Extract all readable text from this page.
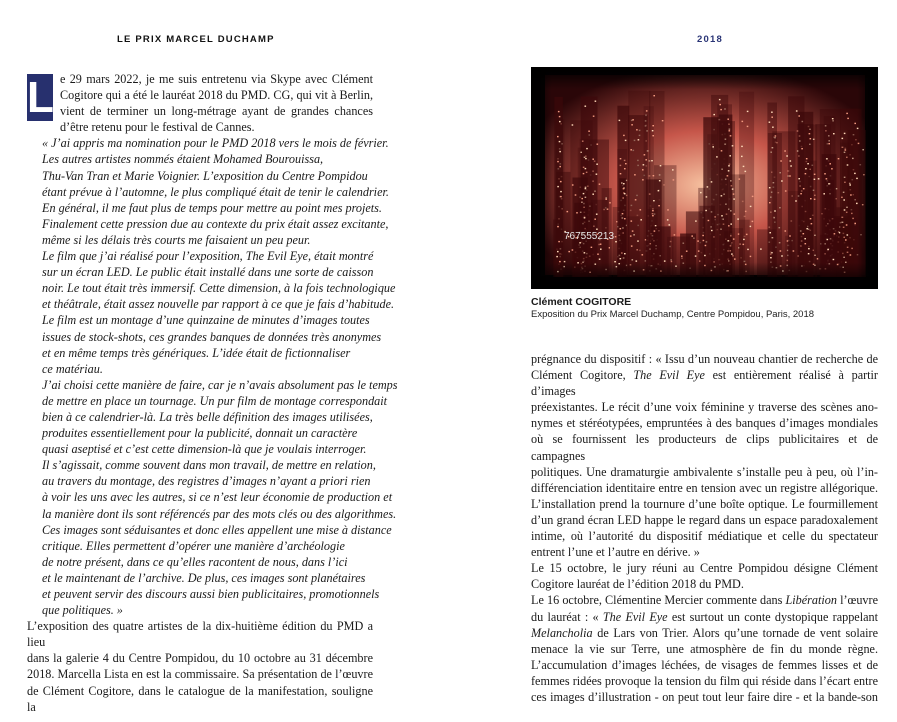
LE PRIX MARCEL DUCHAMP	2018
L e 29 mars 2022, je me suis entretenu via Skype avec Clément

Cogitore qui a été le lauréat 2018 du PMD. CG, qui vit à Berlin,

vient de terminer un long-métrage ayant de grandes chances

d’être retenu pour le festival de Cannes.

« J’ai appris ma nomination pour le PMD 2018 vers le mois de février.

Les autres artistes nommés étaient Mohamed Bourouissa,

Thu-Van Tran et Marie Voignier. L’exposition du Centre Pompidou

étant prévue à l’automne, le plus compliqué était de tenir le calendrier.

En général, il me faut plus de temps pour mettre au point mes projets.

Finalement cette pression due au contexte du prix était assez excitante,

même si les délais très courts me faisaient un peu peur.

Le film que j’ai réalisé pour l’exposition, The Evil Eye, était montré

sur un écran LED. Le public était installé dans une sorte de caisson

noir. Le tout était très immersif. Cette dimension, à la fois technologique

et théâtrale, était assez nouvelle par rapport à ce que je fais d’habitude.

Le film est un montage d’une quinzaine de minutes d’images toutes

issues de stock-shots, ces grandes banques de données très anonymes

et en même temps très génériques. L’idée était de fictionnaliser

ce matériau.

J’ai choisi cette manière de faire, car je n’avais absolument pas le temps

de mettre en place un tournage. Un pur film de montage correspondait

bien à ce calendrier-là. La très belle définition des images utilisées,

produites essentiellement pour la publicité, donnait un caractère

quasi aseptisé et c’est cette dimension-là que je voulais interroger.

Il s’agissait, comme souvent dans mon travail, de mettre en relation,

au travers du montage, des registres d’images n’ayant a priori rien

à voir les uns avec les autres, si ce n’est leur économie de production et

la manière dont ils sont référencés par des mots clés ou des algorithmes.

Ces images sont séduisantes et donc elles appellent une mise à distance

critique. Elles permettent d’opérer une manière d’archéologie

de notre présent, dans ce qu’elles racontent de nous, dans l’ici

et le maintenant de l’archive. De plus, ces images sont planétaires

et peuvent servir des discours aussi bien publicitaires, promotionnels

que politiques. »

L’exposition des quatre artistes de la dix-huitième édition du PMD a lieu

dans la galerie 4 du Centre Pompidou, du 10 octobre au 31 décembre

2018. Marcella Lista en est la commissaire. Sa présentation de l’œuvre

de Clément Cogitore, dans le catalogue de la manifestation, souligne la

767555213
Clément COGITORE
Exposition du Prix Marcel Duchamp, Centre Pompidou, Paris, 2018

prégnance du dispositif : « Issu d’un nouveau chantier de recherche de

Clément Cogitore, The Evil Eye est entièrement réalisé à partir d’images

préexistantes. Le récit d’une voix féminine y traverse des scènes ano-

nymes et stéréotypées, empruntées à des banques d’images mondiales

où se fournissent les producteurs de clips publicitaires et de campagnes

politiques. Une dramaturgie ambivalente s’installe peu à peu, où l’in-

différenciation identitaire entre en tension avec un registre allégorique.

L’installation prend la tournure d’une boîte optique. Le fourmillement

d’un grand écran LED happe le regard dans un espace paradoxalement

intime, où l’autorité du dispositif médiatique et celle du spectateur

entrent l’une et l’autre en dérive. »

Le 15 octobre, le jury réuni au Centre Pompidou désigne Clément

Cogitore lauréat de l’édition 2018 du PMD.

Le 16 octobre, Clémentine Mercier commente dans Libération l’œuvre

du lauréat : « The Evil Eye est surtout un conte dystopique rappelant

Melancholia de Lars von Trier. Alors qu’une tornade de vent solaire

menace la vie sur Terre, une atmosphère de fin du monde règne.

L’accumulation d’images léchées, de visages de femmes lisses et de

femmes ridées provoque la tension du film qui réside dans l’écart entre

ces images d’illustration - on peut tout leur faire dire - et la bande-son
